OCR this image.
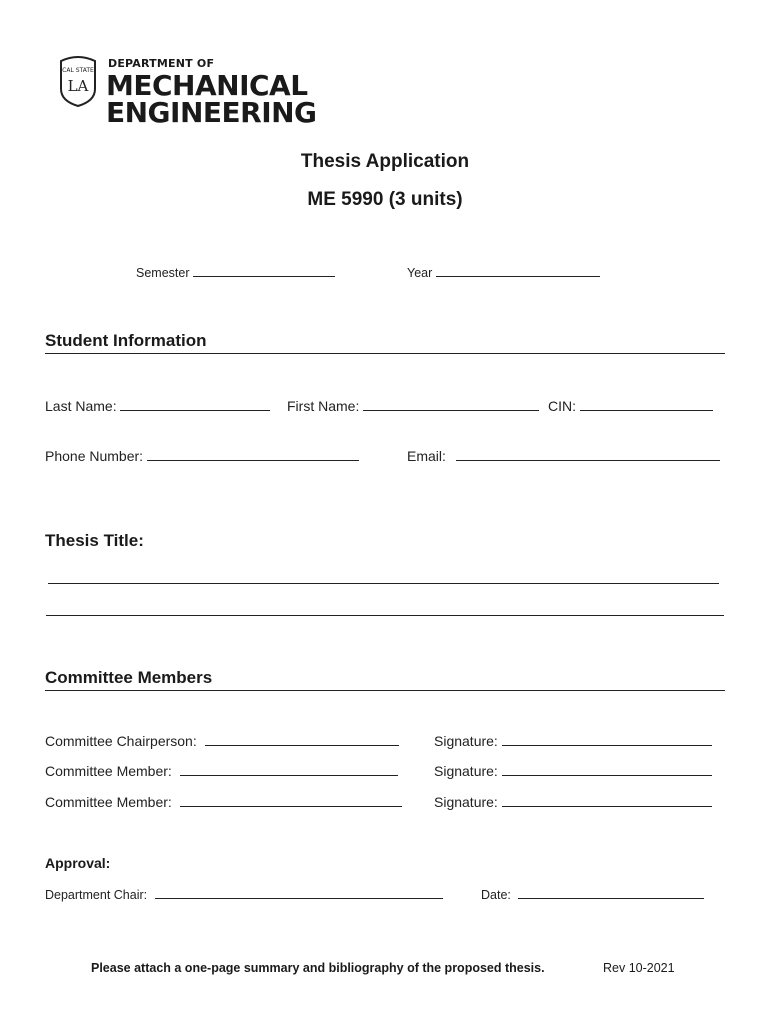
CAL STATE
LA
DEPARTMENT OF
MECHANICAL
ENGINEERING
Thesis Application
ME 5990 (3 units)
Semester	Year
Student Information
Last Name:	First Name:	CIN:
Phone Number:	Email:
Thesis Title:
Committee Members
Committee Chairperson:	Signature:
Committee Member:	Signature:
Committee Member:	Signature:
Approval:
Department Chair:	Date:
Please attach a one-page summary and bibliography of the proposed thesis.	Rev 10-2021
